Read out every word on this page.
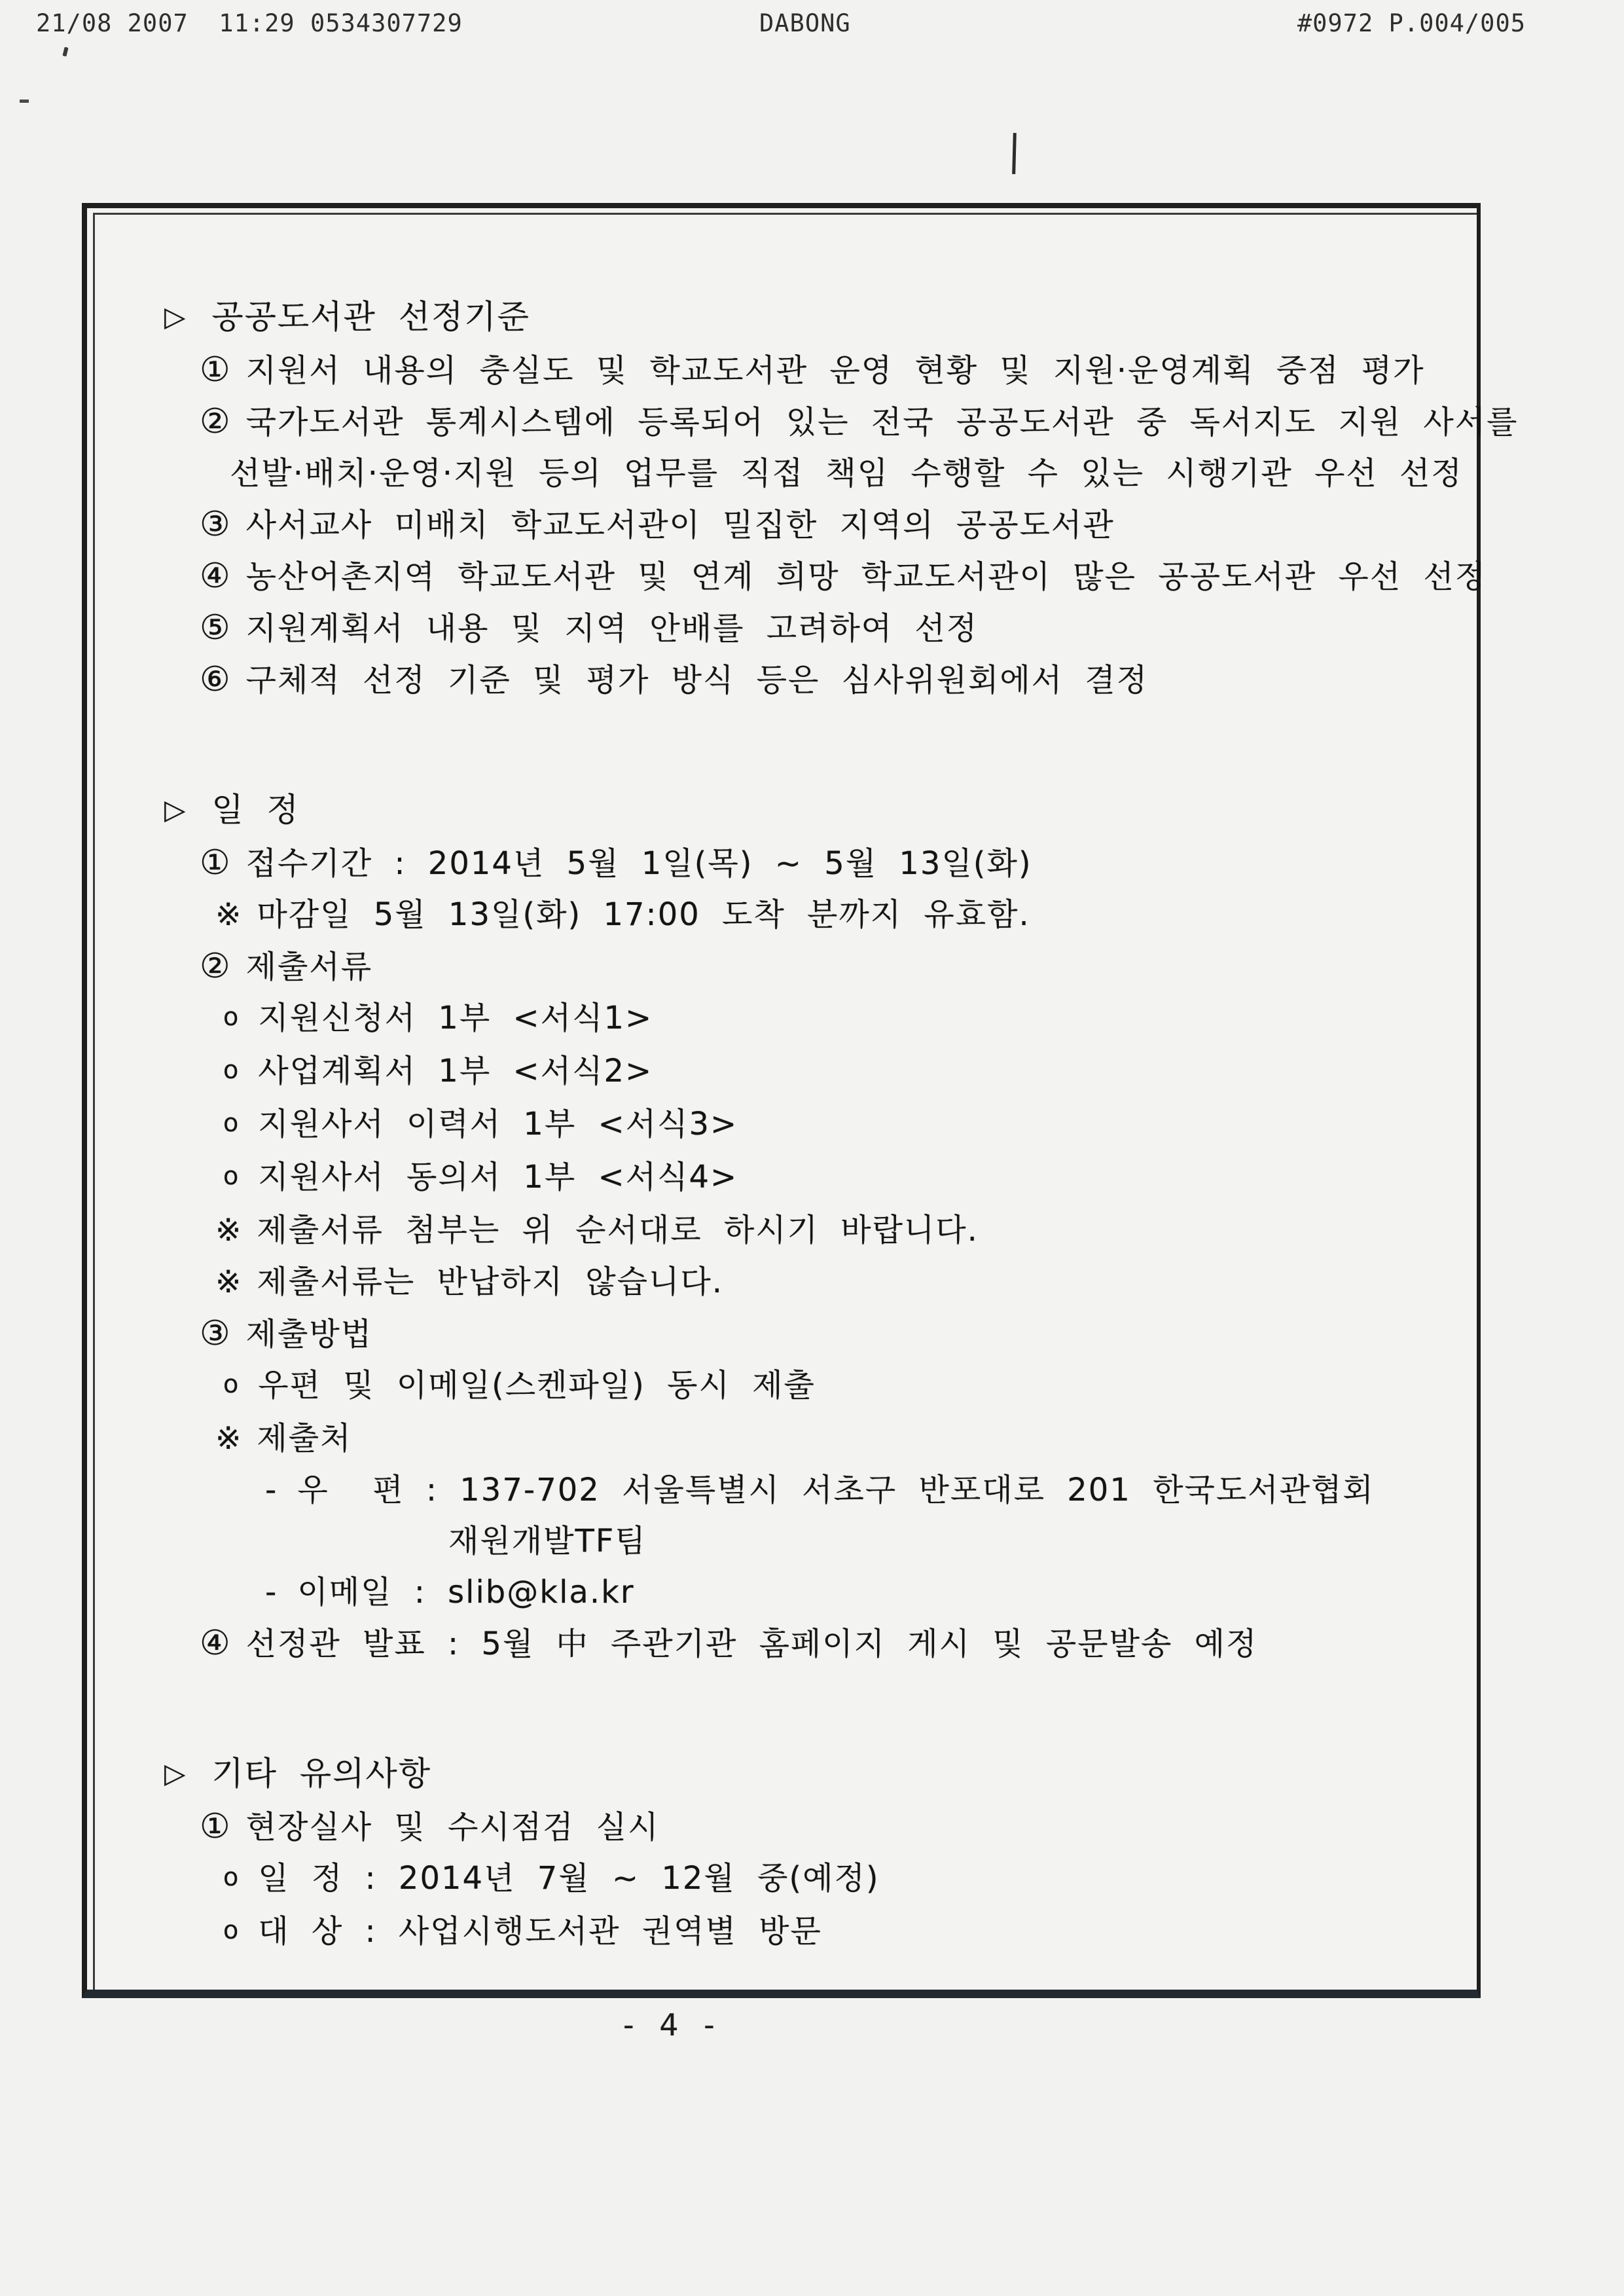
21/08 2007  11:29 0534307729

	DABONG

	#0972 P.004/005

▷ 공공도서관 선정기준
① 지원서 내용의 충실도 및 학교도서관 운영 현황 및 지원·운영계획 중점 평가
② 국가도서관 통계시스템에 등록되어 있는 전국 공공도서관 중 독서지도 지원 사서를
선발·배치·운영·지원 등의 업무를 직접 책임 수행할 수 있는 시행기관 우선 선정
③ 사서교사 미배치 학교도서관이 밀집한 지역의 공공도서관
④ 농산어촌지역 학교도서관 및 연계 희망 학교도서관이 많은 공공도서관 우선 선정
⑤ 지원계획서 내용 및 지역 안배를 고려하여 선정
⑥ 구체적 선정 기준 및 평가 방식 등은 심사위원회에서 결정
▷ 일 정
① 접수기간 : 2014년 5월 1일(목) ~ 5월 13일(화)
※ 마감일 5월 13일(화) 17:00 도착 분까지 유효함.
② 제출서류
o 지원신청서 1부 <서식1>
o 사업계획서 1부 <서식2>
o 지원사서 이력서 1부 <서식3>
o 지원사서 동의서 1부 <서식4>
※ 제출서류 첨부는 위 순서대로 하시기 바랍니다.
※ 제출서류는 반납하지 않습니다.
③ 제출방법
o 우편 및 이메일(스켄파일) 동시 제출
※ 제출처
- 우  편 : 137-702 서울특별시 서초구 반포대로 201 한국도서관협회
재원개발TF팀
- 이메일 : slib@kla.kr
④ 선정관 발표 : 5월 中 주관기관 홈페이지 게시 및 공문발송 예정
▷ 기타 유의사항
① 현장실사 및 수시점검 실시
o 일 정 : 2014년 7월 ~ 12월 중(예정)
o 대 상 : 사업시행도서관 권역별 방문
- 4 -
